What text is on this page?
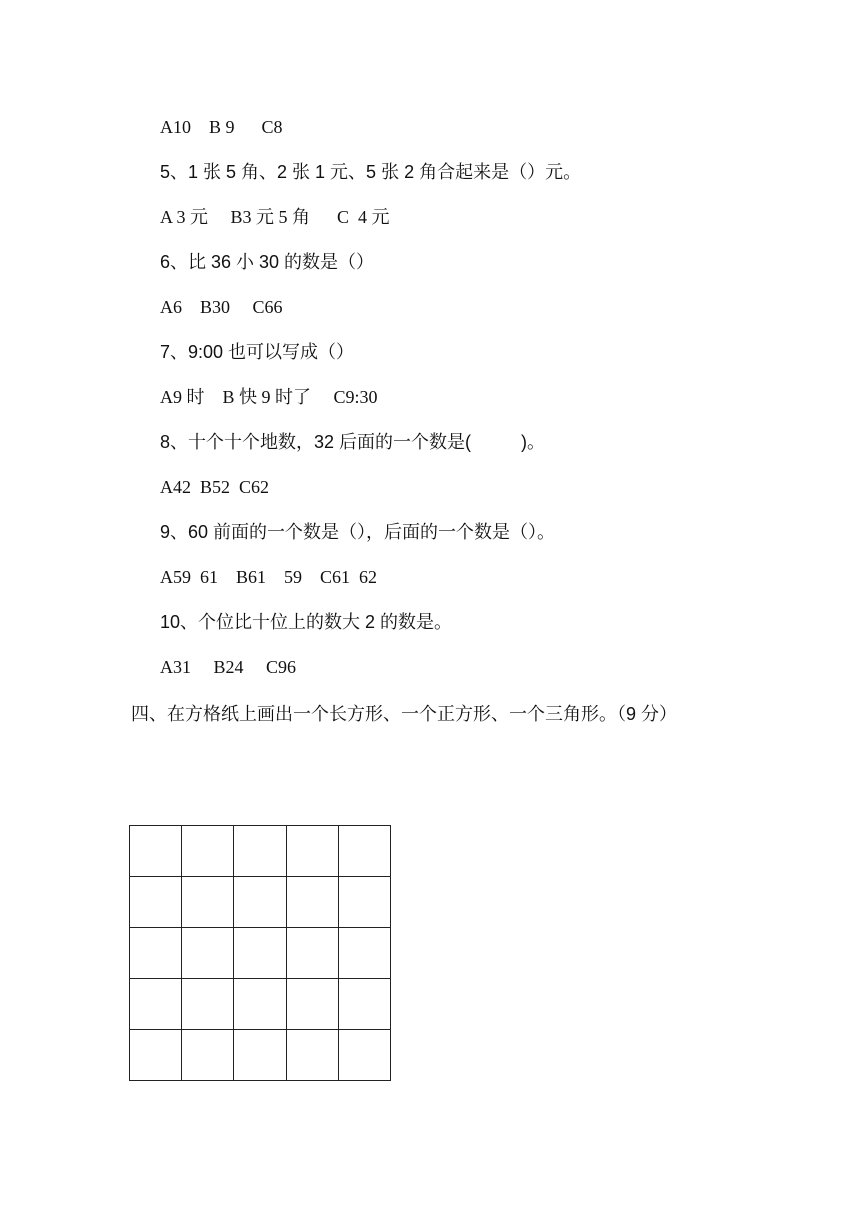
A10    B 9      C8
5、1 张 5 角、2 张 1 元、5 张 2 角合起来是（）元。
A 3 元     B3 元 5 角      C  4 元
6、比 36 小 30 的数是（）
A6    B30     C66
7、9:00 也可以写成（）
A9 时    B 快 9 时了     C9:30
8、十个十个地数，32 后面的一个数是(          )。
A42  B52  C62
9、60 前面的一个数是（），后面的一个数是（）。
A59  61    B61    59    C61  62
10、个位比十位上的数大 2 的数是。
A31     B24     C96
四、在方格纸上画出一个长方形、一个正方形、一个三角形。（9 分）
